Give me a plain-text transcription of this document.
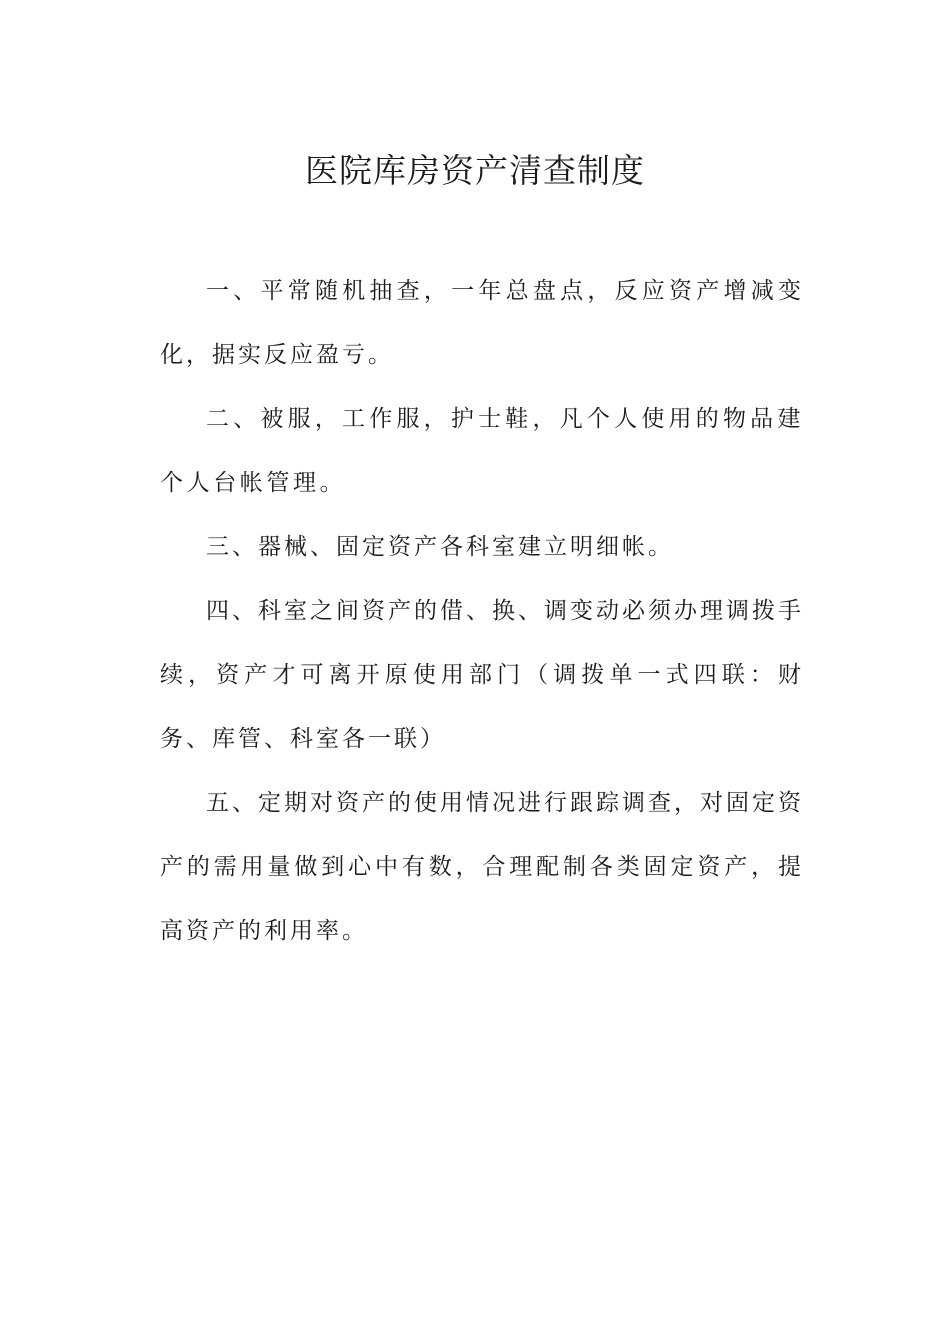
医院库房资产清查制度

一、平常随机抽查，一年总盘点，反应资产增减变化，据实反应盈亏。

二、被服，工作服，护士鞋，凡个人使用的物品建个人台帐管理。

三、器械、固定资产各科室建立明细帐。

四、科室之间资产的借、换、调变动必须办理调拨手续，资产才可离开原使用部门（调拨单一式四联：财务、库管、科室各一联）

五、定期对资产的使用情况进行跟踪调查，对固定资产的需用量做到心中有数，合理配制各类固定资产，提高资产的利用率。
